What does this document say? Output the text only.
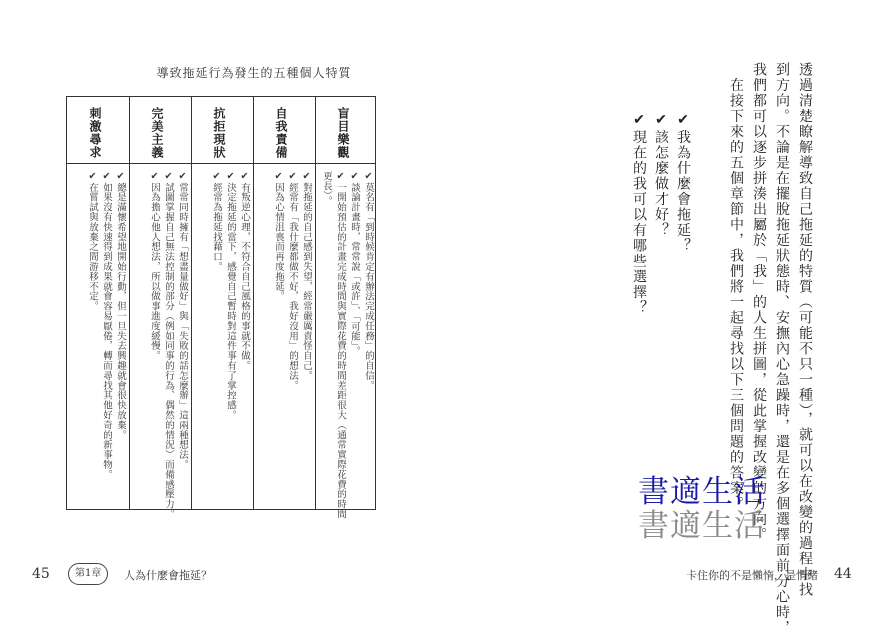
導致拖延行為發生的五種個人特質
盲目樂觀
✔莫名有「到時候肯定有辦法完成任務」的自信。
✔談論計畫時，常常說「或許」、「可能」。
✔一開始預估的計畫完成時間與實際花費的時間差距很大（通常實際花費的時間
更長）。
自我責備
✔對拖延的自己感到失望，經常嚴厲責怪自己。
✔經常有「我什麼都做不好，我好沒用」的想法。
✔因為心情沮喪而再度拖延。
抗拒現狀
✔有叛逆心理，不符合自己風格的事就不做。
✔決定拖延的當下，感覺自己暫時對這件事有了掌控感。
✔經常為拖延找藉口。
完美主義
✔常常同時擁有「想盡量做好」與「失敗的話怎麼辦」這兩種想法。
✔試圖掌握自己無法控制的部分（例如同事的行為、偶然的情況）而備感壓力。
✔因為擔心他人想法，所以做事進度緩慢。
刺激尋求
✔總是滿懷希望地開始行動，但一旦失去興趣就會很快放棄。
✔如果沒有快速得到成果就會容易厭倦，轉而尋找其他好奇的新事物。
✔在嘗試與放棄之間游移不定。
45	第1章	人為什麼會拖延？	透過清楚瞭解導致自己拖延的特質（可能不只一種），就可以在改變的過程中找
到方向。不論是在擺脫拖延狀態時、安撫內心急躁時，還是在多個選擇面前分心時，
我們都可以逐步拼湊出屬於「我」的人生拼圖，從此掌握改變的方向。
　在接下來的五個章節中，我們將一起尋找以下三個問題的答案。
✔我為什麼會拖延？
✔該怎麼做才好？
✔現在的我可以有哪些選擇？
書適生活
書適生活
卡住你的不是懶惰，是情緒 44
